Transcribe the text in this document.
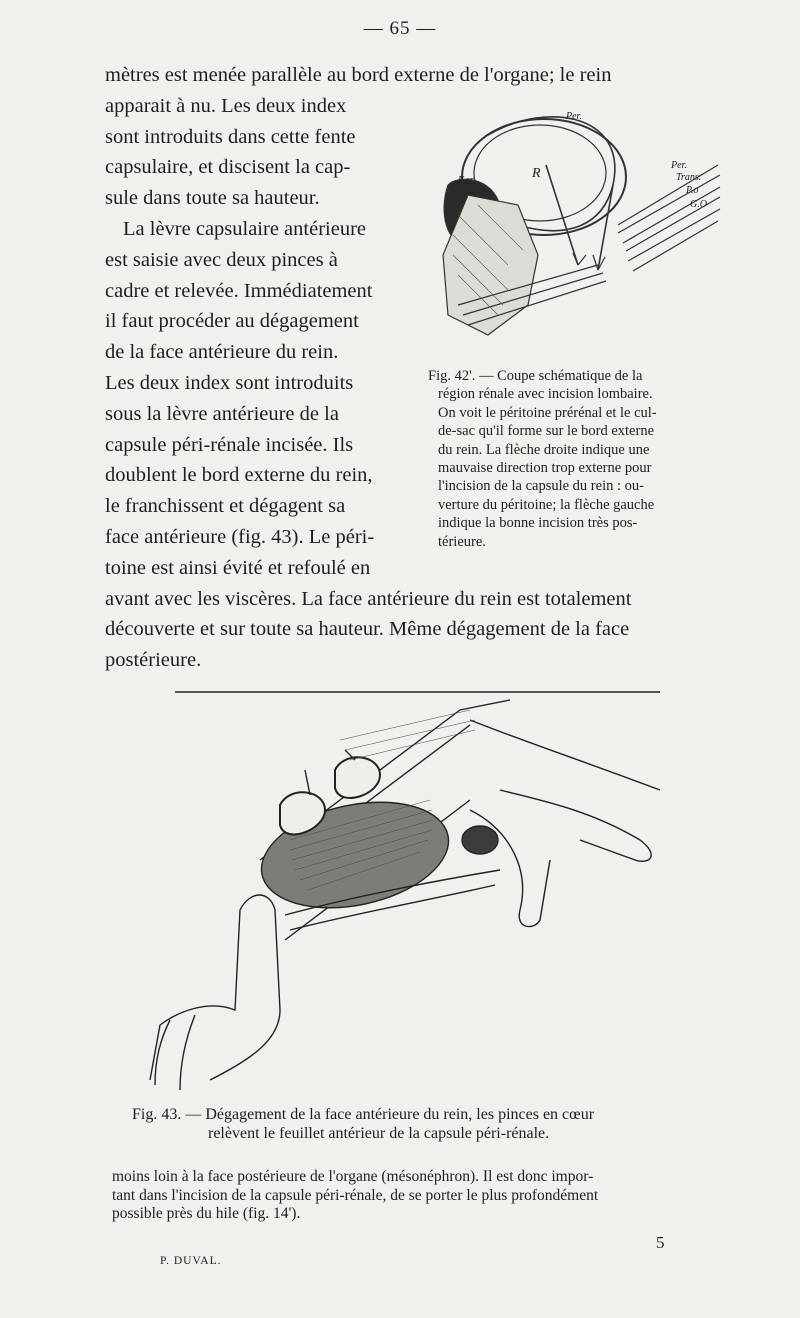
— 65 —
mètres est menée parallèle au bord externe de l'organe; le rein
apparait à nu. Les deux index
sont introduits dans cette fente
capsulaire, et discisent la cap-
sule dans toute sa hauteur.
La lèvre capsulaire antérieure
est saisie avec deux pinces à
cadre et relevée. Immédiatement
il faut procéder au dégagement
de la face antérieure du rein.
Les deux index sont introduits
sous la lèvre antérieure de la
capsule péri-rénale incisée. Ils
doublent le bord externe du rein,
le franchissent et dégagent sa
face antérieure (fig. 43). Le péri-
toine est ainsi évité et refoulé en
avant avec les viscères. La face antérieure du rein est totalement
découverte et sur toute sa hauteur. Même dégagement de la face
postérieure.
Per.
R
F.cr
Per.
Trans.
P.o
G.O
Fig. 42'. — Coupe schématique de la
région rénale avec incision lombaire.
On voit le péritoine prérénal et le cul-
de-sac qu'il forme sur le bord externe
du rein. La flèche droite indique une
mauvaise direction trop externe pour
l'incision de la capsule du rein : ou-
verture du péritoine; la flèche gauche
indique la bonne incision très pos-
térieure.
Fig. 43. — Dégagement de la face antérieure du rein, les pinces en cœur
relèvent le feuillet antérieur de la capsule péri-rénale.
moins loin à la face postérieure de l'organe (mésonéphron). Il est donc impor-
tant dans l'incision de la capsule péri-rénale, de se porter le plus profondément
possible près du hile (fig. 14').
P. DUVAL.
5
